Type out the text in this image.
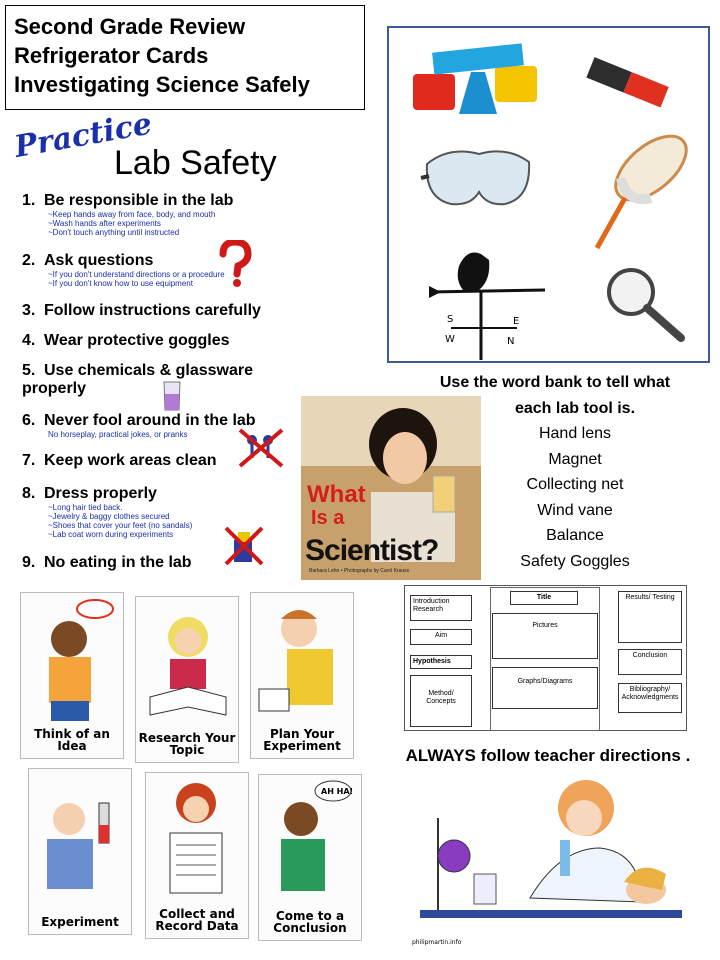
Second Grade Review
Refrigerator Cards
Investigating Science Safely
Practice
Lab Safety
1. Be responsible in the lab
~Keep hands away from face, body, and mouth
~Wash hands after experiments
~Don't touch anything until instructed
2. Ask questions
~If you don't understand directions or a procedure
~If you don't know how to use equipment
3. Follow instructions carefully
4. Wear protective goggles
5. Use chemicals & glassware properly
6. Never fool around in the lab
No horseplay, practical jokes, or pranks
7. Keep work areas clean
8. Dress properly
~Long hair tied back.
~Jewelry & baggy clothes secured
~Shoes that cover your feet (no sandals)
~Lab coat worn during experiments
9. No eating in the lab
S	E
W	N
Use the word bank to tell what
each lab tool is.
Hand lens
Magnet
Collecting net
Wind vane
Balance
Safety Goggles
What
Is a
Scientist?
Barbara Lehn • Photographs by Carol Krauss
Introduction Research
Aim
Hypothesis
Method/ Concepts
Title
Pictures
Graphs/Diagrams
Results/ Testing
Conclusion
Bibliography/ Acknowledgments
ALWAYS follow teacher directions .
philipmartin.info
Think of an Idea
Research Your Topic
Plan Your Experiment
Experiment
Collect and Record Data
AH HA!
Come to a Conclusion
